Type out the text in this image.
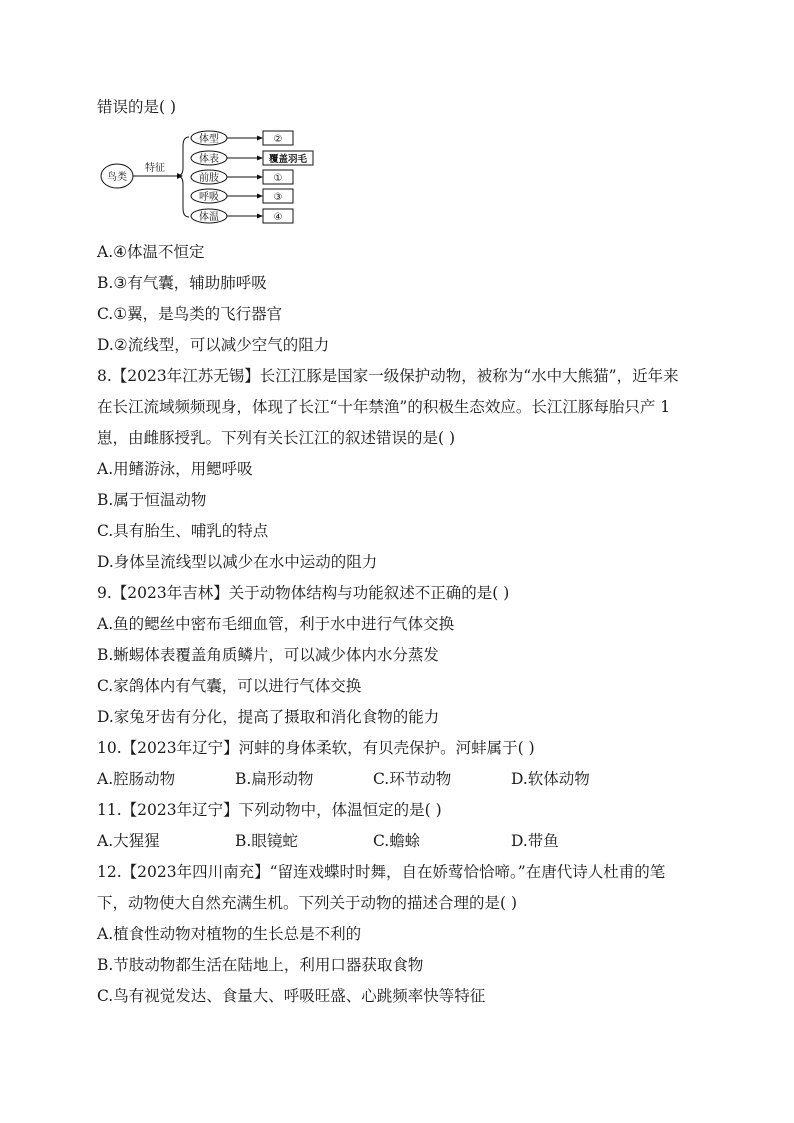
错误的是( )
鸟类
特征
体型	②
体表	覆盖羽毛
前肢	①
呼吸	③
体温	④
A.④体温不恒定
B.③有气囊，辅助肺呼吸
C.①翼，是鸟类的飞行器官
D.②流线型，可以减少空气的阻力
8.【2023年江苏无锡】长江江豚是国家一级保护动物，被称为“水中大熊猫”，近年来
在长江流域频频现身，体现了长江“十年禁渔”的积极生态效应。长江江豚每胎只产 1
崽，由雌豚授乳。下列有关长江江的叙述错误的是( )
A.用鳍游泳，用鳃呼吸
B.属于恒温动物
C.具有胎生、哺乳的特点
D.身体呈流线型以减少在水中运动的阻力
9.【2023年吉林】关于动物体结构与功能叙述不正确的是( )
A.鱼的鳃丝中密布毛细血管，利于水中进行气体交换
B.蜥蜴体表覆盖角质鳞片，可以减少体内水分蒸发
C.家鸽体内有气囊，可以进行气体交换
D.家兔牙齿有分化，提高了摄取和消化食物的能力
10.【2023年辽宁】河蚌的身体柔软，有贝壳保护。河蚌属于( )
A.腔肠动物	B.扁形动物	C.环节动物	D.软体动物
11.【2023年辽宁】下列动物中，体温恒定的是( )
A.大猩猩	B.眼镜蛇	C.蟾蜍	D.带鱼
12.【2023年四川南充】“留连戏蝶时时舞，自在娇莺恰恰啼。”在唐代诗人杜甫的笔
下，动物使大自然充满生机。下列关于动物的描述合理的是( )
A.植食性动物对植物的生长总是不利的
B.节肢动物都生活在陆地上，利用口器获取食物
C.鸟有视觉发达、食量大、呼吸旺盛、心跳频率快等特征
